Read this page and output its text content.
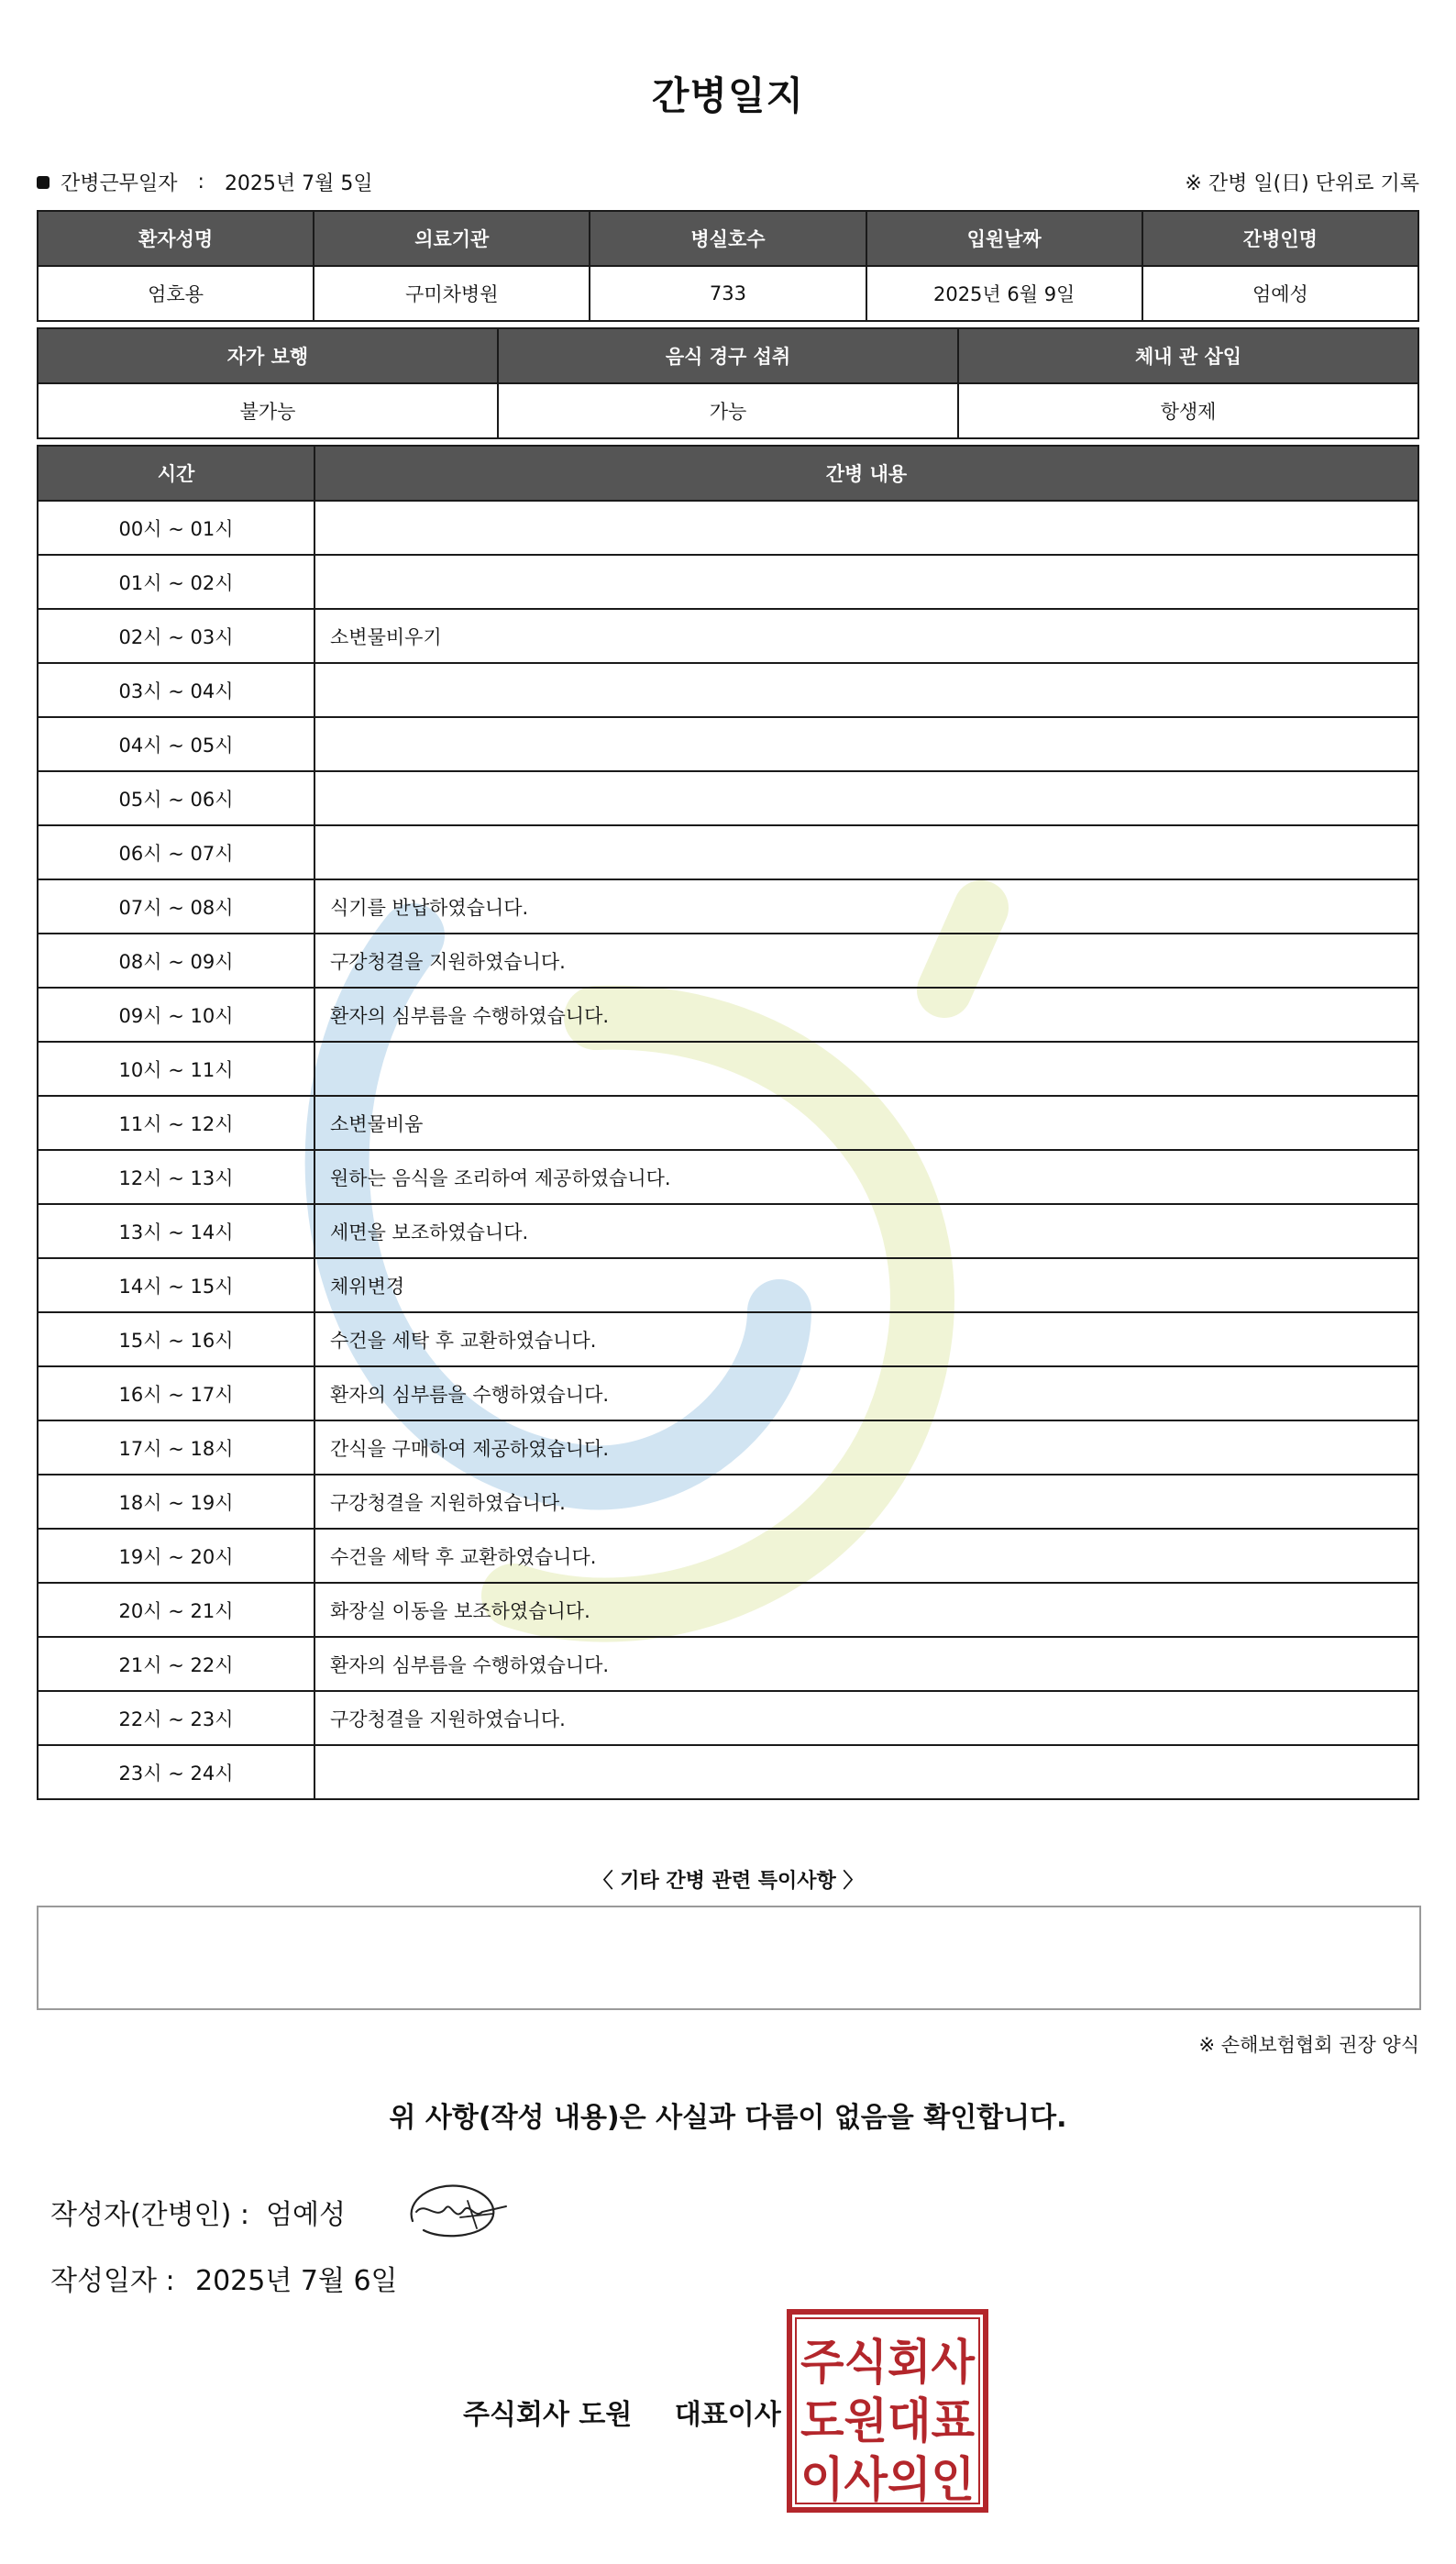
간병일지
간병근무일자 : 2025년 7월 5일	※ 간병 일(日) 단위로 기록
환자성명	의료기관	병실호수	입원날짜	간병인명
엄호용	구미차병원	733	2025년 6월 9일	엄예성
자가 보행	음식 경구 섭취	체내 관 삽입
불가능	가능	항생제
시간	간병 내용
00시 ~ 01시	
01시 ~ 02시	
02시 ~ 03시	소변물비우기
03시 ~ 04시	
04시 ~ 05시	
05시 ~ 06시	
06시 ~ 07시	
07시 ~ 08시	식기를 반납하였습니다.
08시 ~ 09시	구강청결을 지원하였습니다.
09시 ~ 10시	환자의 심부름을 수행하였습니다.
10시 ~ 11시	
11시 ~ 12시	소변물비움
12시 ~ 13시	원하는 음식을 조리하여 제공하였습니다.
13시 ~ 14시	세면을 보조하였습니다.
14시 ~ 15시	체위변경
15시 ~ 16시	수건을 세탁 후 교환하였습니다.
16시 ~ 17시	환자의 심부름을 수행하였습니다.
17시 ~ 18시	간식을 구매하여 제공하였습니다.
18시 ~ 19시	구강청결을 지원하였습니다.
19시 ~ 20시	수건을 세탁 후 교환하였습니다.
20시 ~ 21시	화장실 이동을 보조하였습니다.
21시 ~ 22시	환자의 심부름을 수행하였습니다.
22시 ~ 23시	구강청결을 지원하였습니다.
23시 ~ 24시	
〈 기타 간병 관련 특이사항 〉
※ 손해보험협회 권장 양식
위 사항(작성 내용)은 사실과 다름이 없음을 확인합니다.
작성자(간병인) : 엄예성
작성일자 : 2025년 7월 6일
주식회사 도원 대표이사
주식회사
도원대표
이사의인
